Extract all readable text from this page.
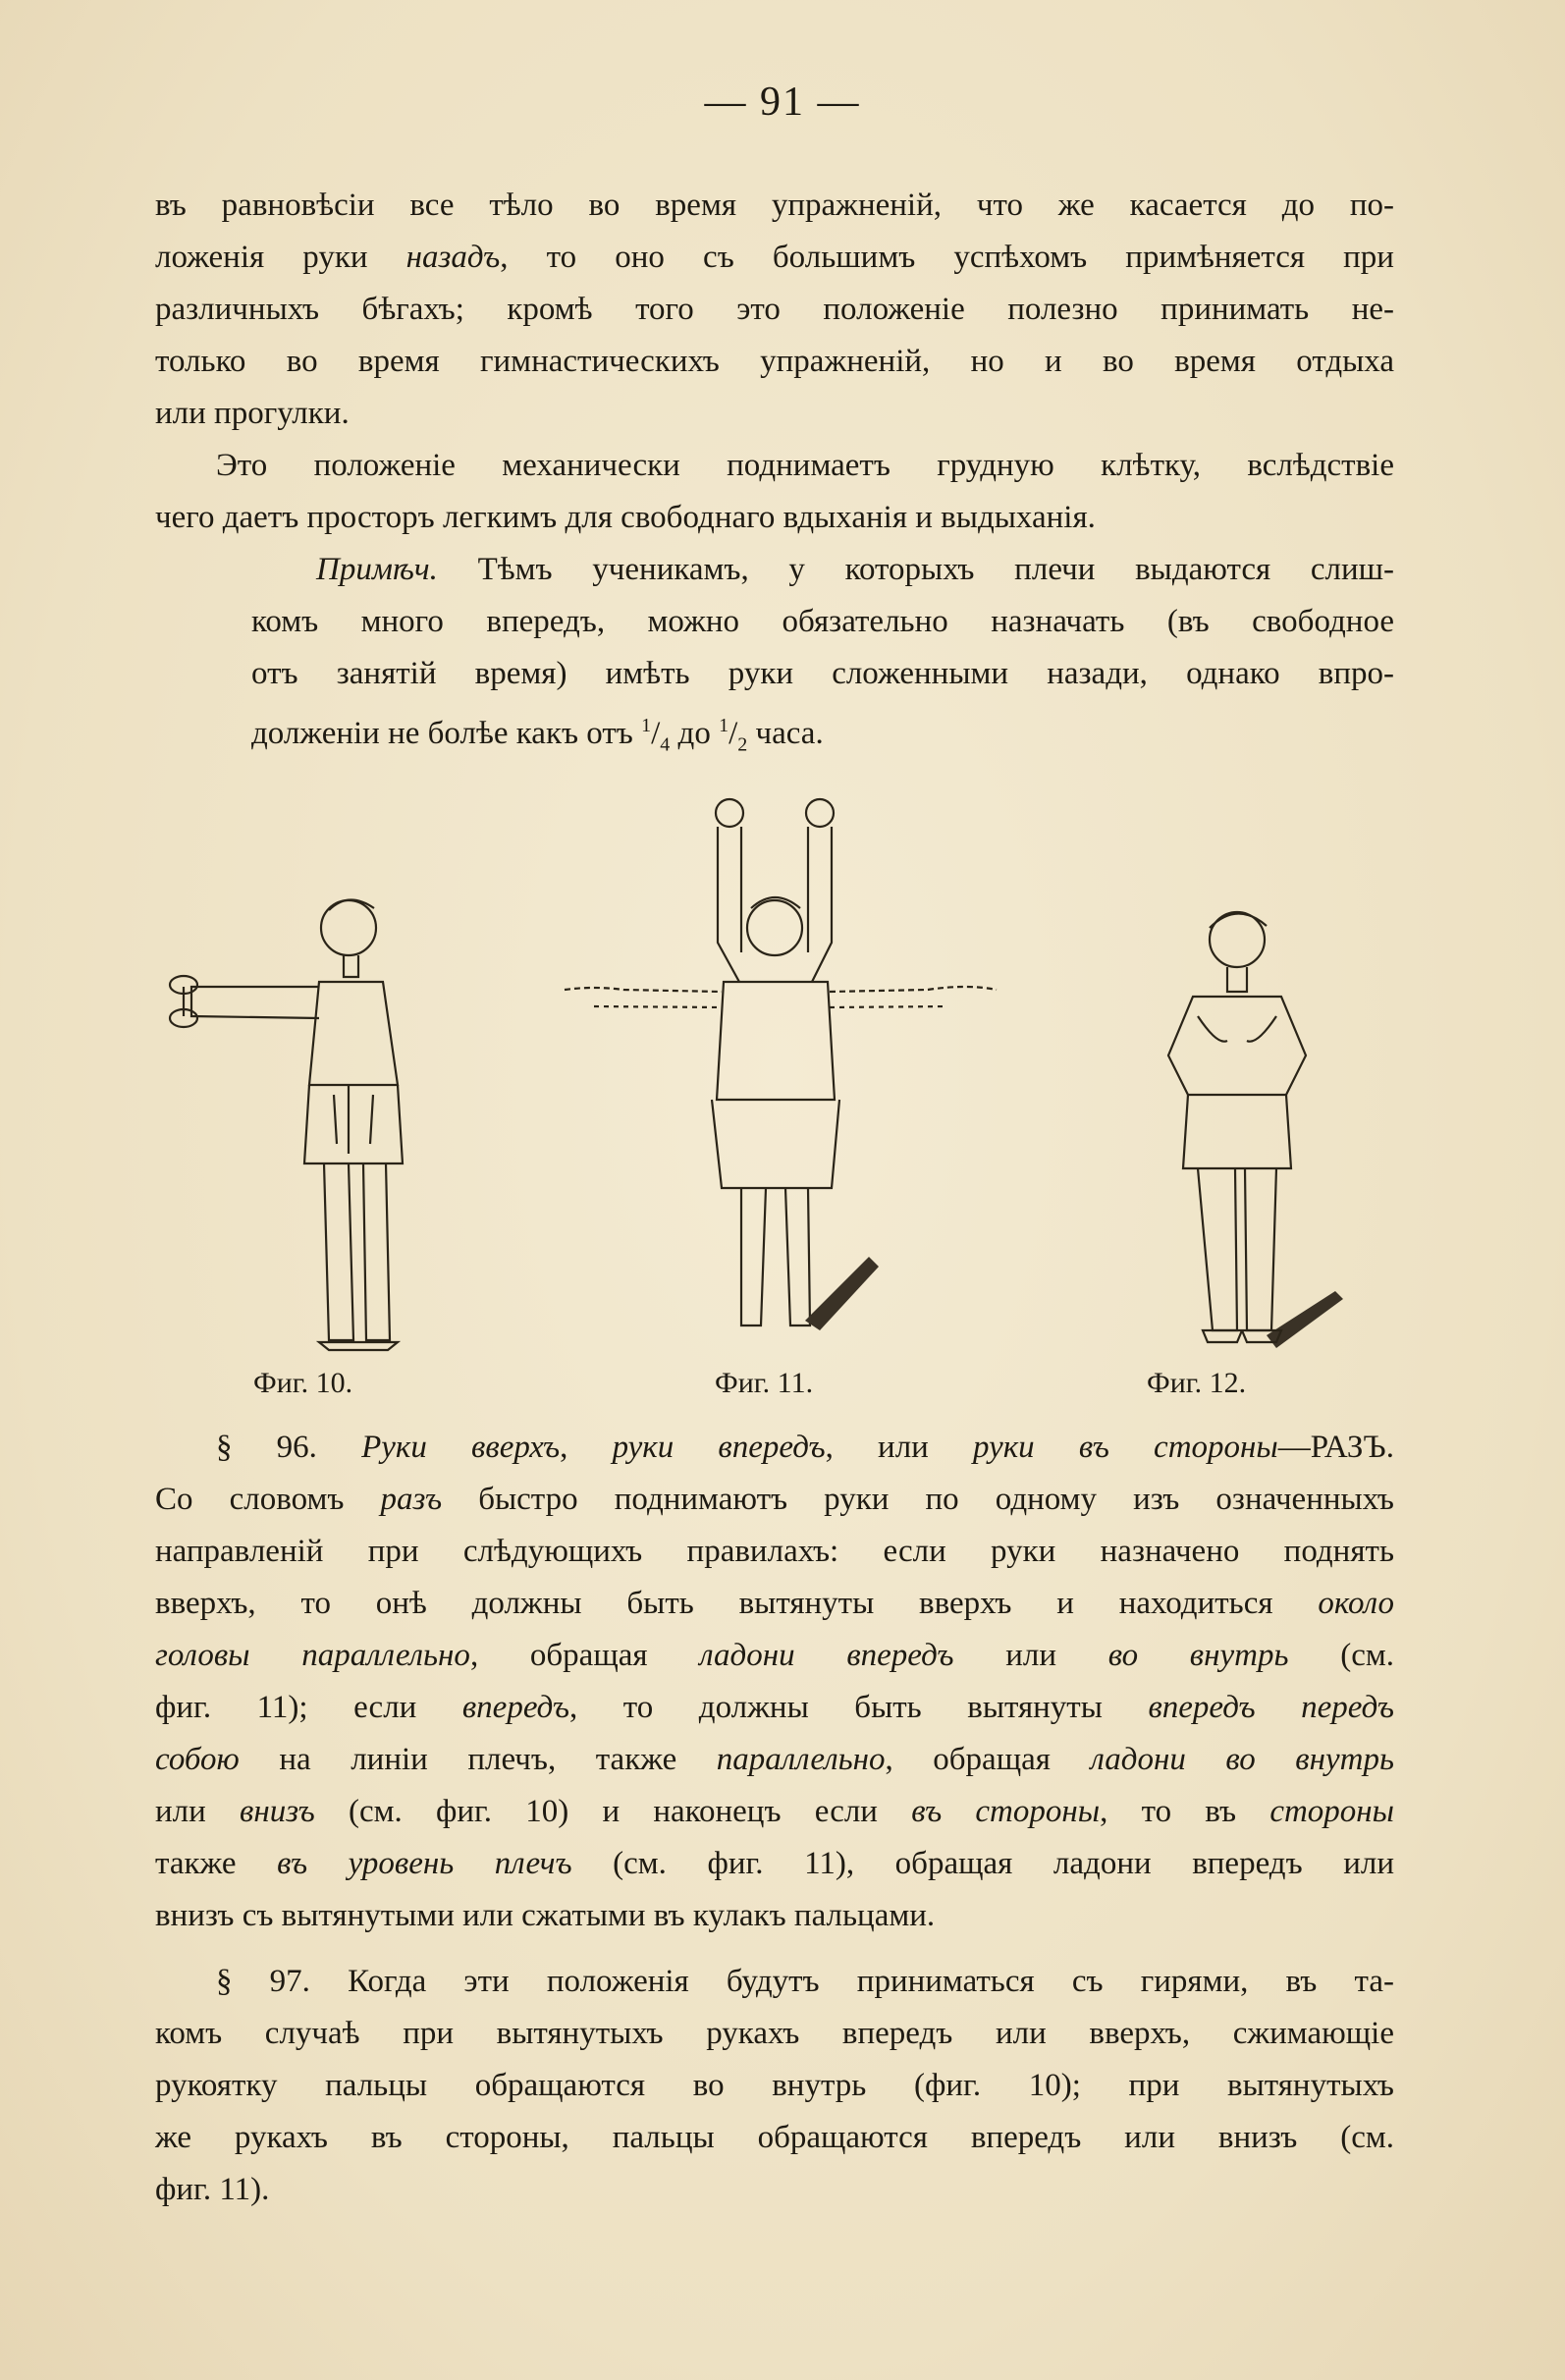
— 91 —
въ равновѣсіи все тѣло во время упражненій, что же касается до по-
ложенія руки назадъ, то оно съ большимъ успѣхомъ примѣняется при
различныхъ бѣгахъ; кромѣ того это положеніе полезно принимать не-
только во время гимнастическихъ упражненій, но и во время отдыха
или прогулки.
Это положеніе механически поднимаетъ грудную клѣтку, вслѣдствіе
чего даетъ просторъ легкимъ для свободнаго вдыханія и выдыханія.
Примѣч. Тѣмъ ученикамъ, у которыхъ плечи выдаются слиш-
комъ много впередъ, можно обязательно назначать (въ свободное
отъ занятій время) имѣть руки сложенными назади, однако впро-
долженіи не болѣе какъ отъ $^1/_4$ до $^1/_2$ часа.
Фиг. 10.	Фиг. 11.	Фиг. 12.
§ 96. Руки вверхъ, руки впередъ, или руки въ стороны—РАЗЪ.
Со словомъ разъ быстро поднимаютъ руки по одному изъ означенныхъ
направленій при слѣдующихъ правилахъ: если руки назначено поднять
вверхъ, то онѣ должны быть вытянуты вверхъ и находиться около
головы параллельно, обращая ладони впередъ или во внутрь (см.
фиг. 11); если впередъ, то должны быть вытянуты впередъ передъ
собою на линіи плечъ, также параллельно, обращая ладони во внутрь
или внизъ (см. фиг. 10) и наконецъ если въ стороны, то въ стороны
также въ уровень плечъ (см. фиг. 11), обращая ладони впередъ или
внизъ съ вытянутыми или сжатыми въ кулакъ пальцами.
§ 97. Когда эти положенія будутъ приниматься съ гирями, въ та-
комъ случаѣ при вытянутыхъ рукахъ впередъ или вверхъ, сжимающіе
рукоятку пальцы обращаются во внутрь (фиг. 10); при вытянутыхъ
же рукахъ въ стороны, пальцы обращаются впередъ или внизъ (см.
фиг. 11).
